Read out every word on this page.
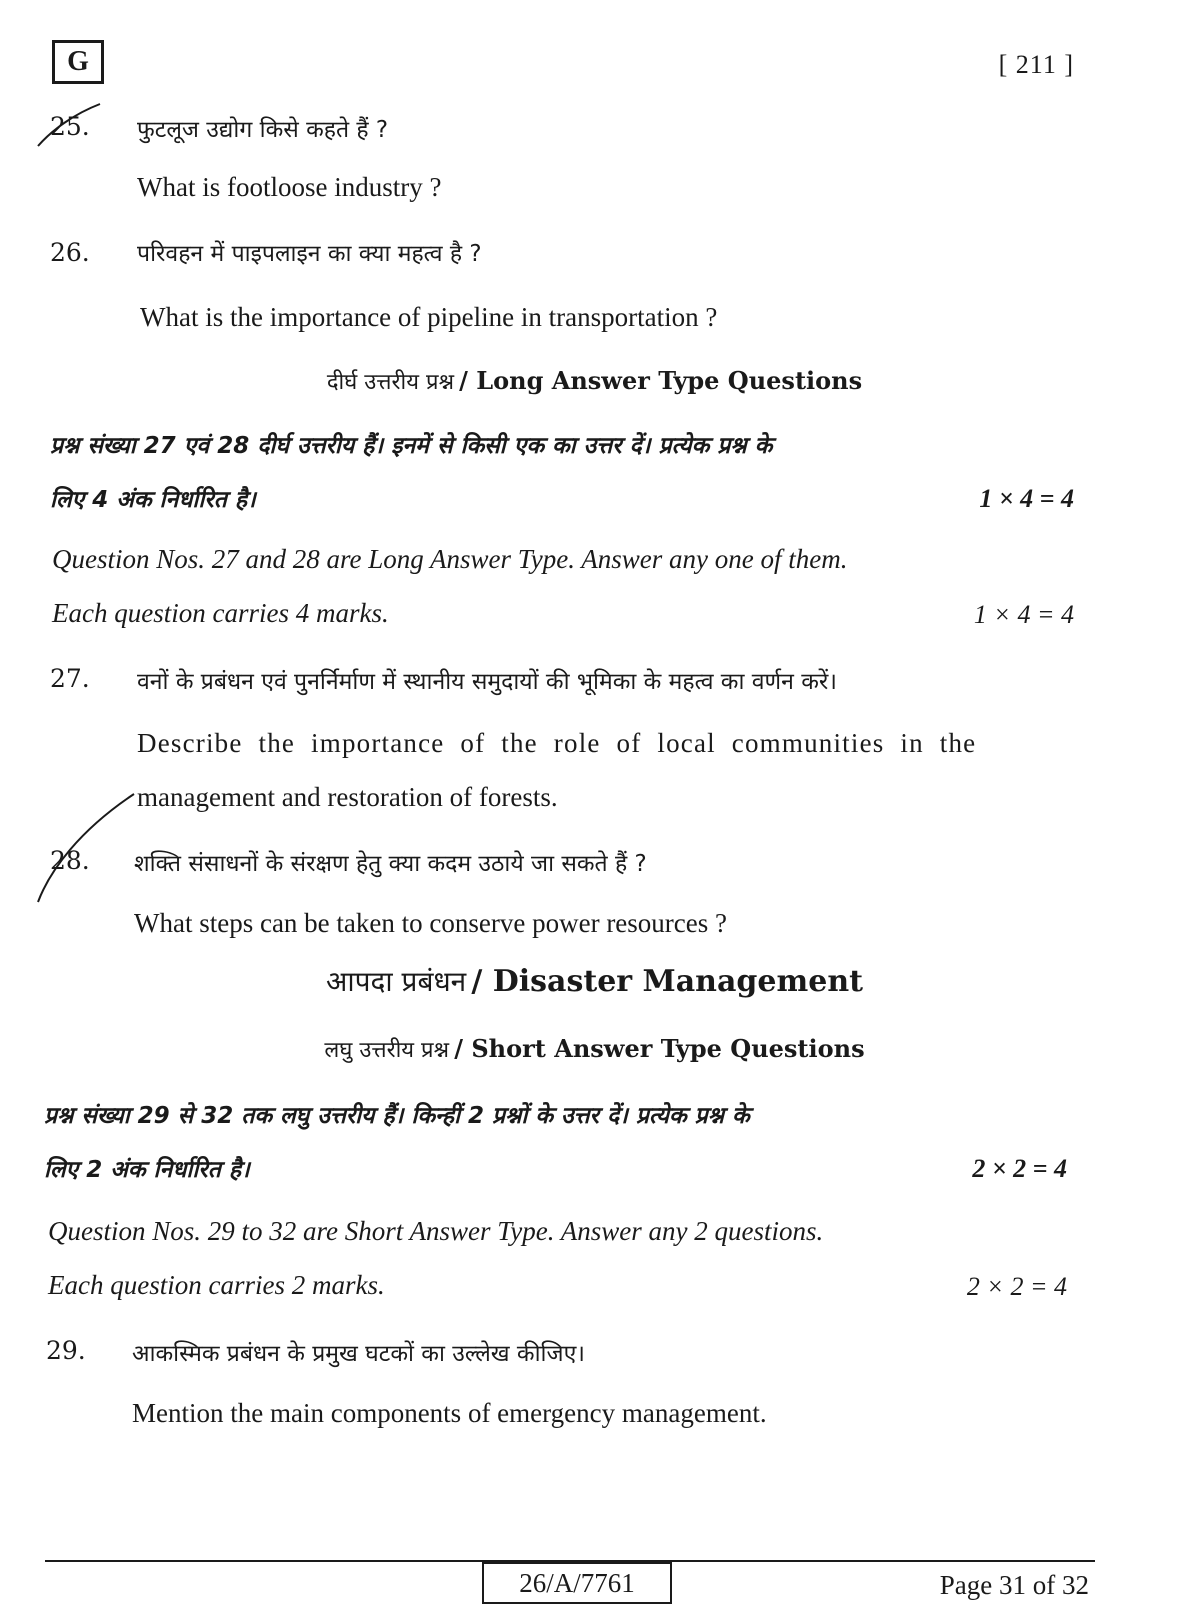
G	[ 211 ]
25. फुटलूज उद्योग किसे कहते हैं ?
What is footloose industry ?
26. परिवहन में पाइपलाइन का क्या महत्व है ?
What is the importance of pipeline in transportation ?
दीर्घ उत्तरीय प्रश्न / Long Answer Type Questions
प्रश्न संख्या 27 एवं 28 दीर्घ उत्तरीय हैं। इनमें से किसी एक का उत्तर दें। प्रत्येक प्रश्न के
लिए 4 अंक निर्धारित है।	1 × 4 = 4
Question Nos. 27 and 28 are Long Answer Type. Answer any one of them.
Each question carries 4 marks.	1 × 4 = 4
27. वनों के प्रबंधन एवं पुनर्निर्माण में स्थानीय समुदायों की भूमिका के महत्व का वर्णन करें।
Describe the importance of the role of local communities in the
management and restoration of forests.
28. शक्ति संसाधनों के संरक्षण हेतु क्या कदम उठाये जा सकते हैं ?
What steps can be taken to conserve power resources ?
आपदा प्रबंधन / Disaster Management
लघु उत्तरीय प्रश्न / Short Answer Type Questions
प्रश्न संख्या 29 से 32 तक लघु उत्तरीय हैं। किन्हीं 2 प्रश्नों के उत्तर दें। प्रत्येक प्रश्न के
लिए 2 अंक निर्धारित है।	2 × 2 = 4
Question Nos. 29 to 32 are Short Answer Type. Answer any 2 questions.
Each question carries 2 marks.	2 × 2 = 4
29. आकस्मिक प्रबंधन के प्रमुख घटकों का उल्लेख कीजिए।
Mention the main components of emergency management.
26/A/7761	Page 31 of 32
